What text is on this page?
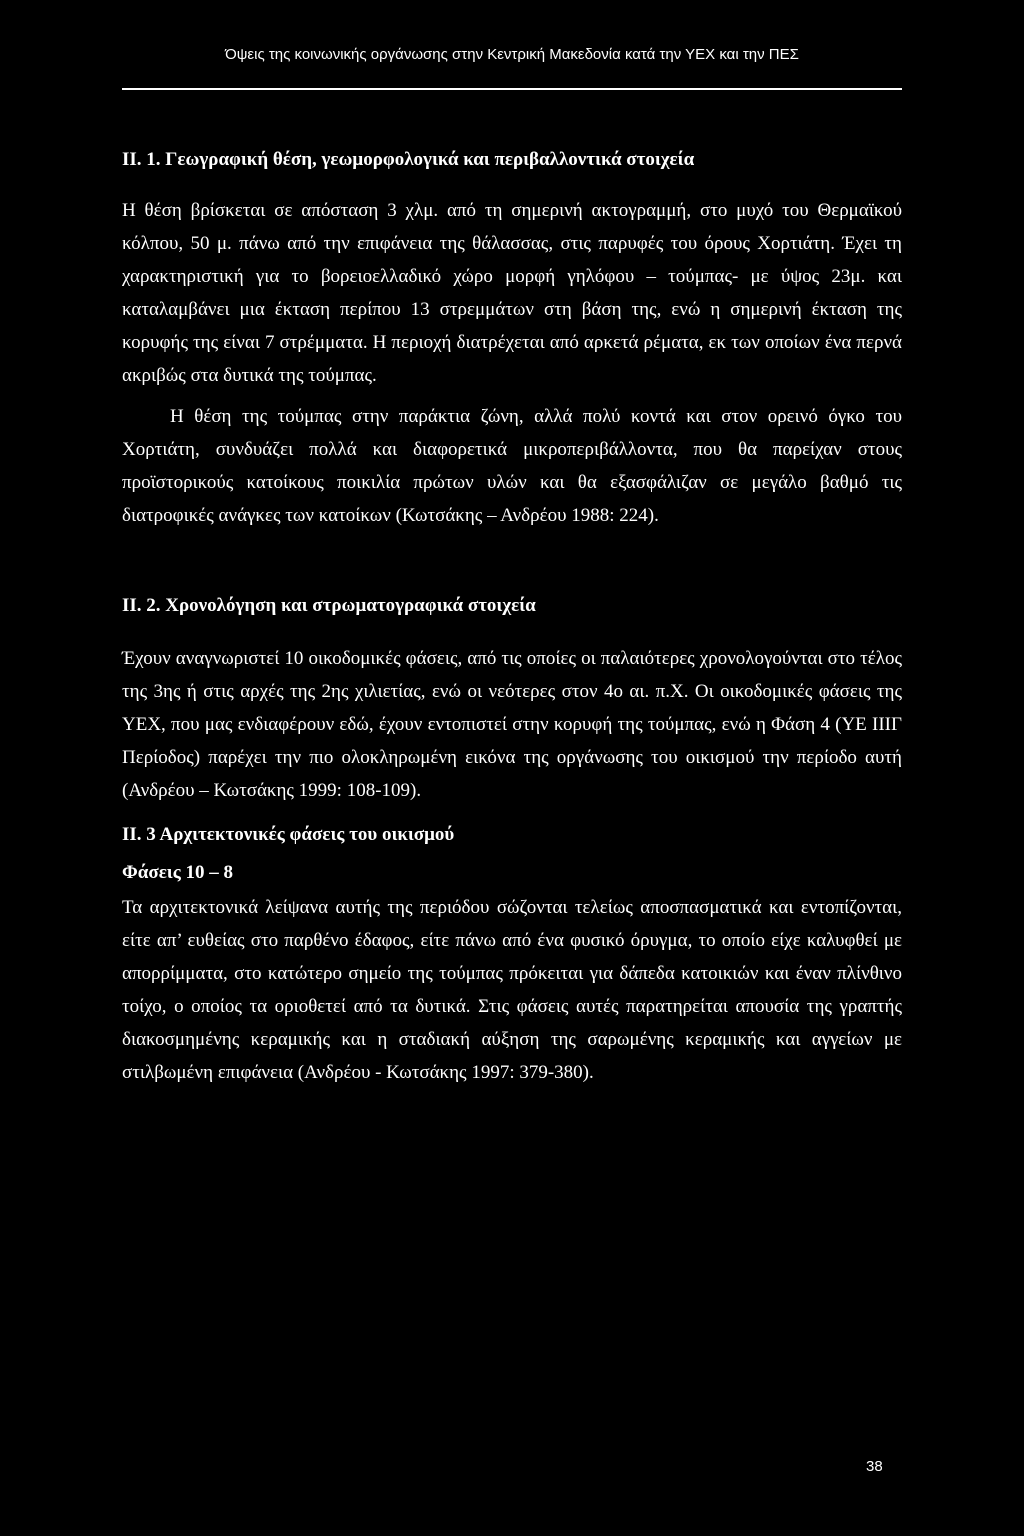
Όψεις της κοινωνικής οργάνωσης στην Κεντρική Μακεδονία κατά την ΥΕΧ και την ΠΕΣ

ΙΙ. 1. Γεωγραφική θέση, γεωμορφολογικά και περιβαλλοντικά στοιχεία

Η θέση βρίσκεται σε απόσταση 3 χλμ. από τη σημερινή ακτογραμμή, στο μυχό του Θερμαϊκού κόλπου, 50 μ. πάνω από την επιφάνεια της θάλασσας, στις παρυφές του όρους Χορτιάτη. Έχει τη χαρακτηριστική για το βορειοελλαδικό χώρο μορφή γηλόφου – τούμπας- με ύψος 23μ. και καταλαμβάνει μια έκταση περίπου 13 στρεμμάτων στη βάση της, ενώ η σημερινή έκταση της κορυφής της είναι 7 στρέμματα. Η περιοχή διατρέχεται από αρκετά ρέματα, εκ των οποίων ένα περνά ακριβώς στα δυτικά της τούμπας.

Η θέση της τούμπας στην παράκτια ζώνη, αλλά πολύ κοντά και στον ορεινό όγκο του Χορτιάτη, συνδυάζει πολλά και διαφορετικά μικροπεριβάλλοντα, που θα παρείχαν στους προϊστορικούς κατοίκους ποικιλία πρώτων υλών και θα εξασφάλιζαν σε μεγάλο βαθμό τις διατροφικές ανάγκες των κατοίκων (Κωτσάκης – Ανδρέου 1988: 224).

ΙΙ. 2. Χρονολόγηση και στρωματογραφικά στοιχεία

Έχουν αναγνωριστεί 10 οικοδομικές φάσεις, από τις οποίες οι παλαιότερες χρονολογούνται στο τέλος της 3ης ή στις αρχές της 2ης χιλιετίας, ενώ οι νεότερες στον 4ο αι. π.Χ. Οι οικοδομικές φάσεις της ΥΕΧ, που μας ενδιαφέρουν εδώ, έχουν εντοπιστεί στην κορυφή της τούμπας, ενώ η Φάση 4 (ΥΕ ΙΙΙΓ Περίοδος) παρέχει την πιο ολοκληρωμένη εικόνα της οργάνωσης του οικισμού την περίοδο αυτή (Ανδρέου – Κωτσάκης 1999: 108-109).

ΙΙ. 3 Αρχιτεκτονικές φάσεις του οικισμού

Φάσεις 10 – 8

Τα αρχιτεκτονικά λείψανα αυτής της περιόδου σώζονται τελείως αποσπασματικά και εντοπίζονται, είτε απ’ ευθείας στο παρθένο έδαφος, είτε πάνω από ένα φυσικό όρυγμα, το οποίο είχε καλυφθεί με απορρίμματα, στο κατώτερο σημείο της τούμπας πρόκειται για δάπεδα κατοικιών και έναν πλίνθινο τοίχο, ο οποίος τα οριοθετεί από τα δυτικά. Στις φάσεις αυτές παρατηρείται απουσία της γραπτής διακοσμημένης κεραμικής και η σταδιακή αύξηση της σαρωμένης κεραμικής και αγγείων με στιλβωμένη επιφάνεια (Ανδρέου - Κωτσάκης 1997: 379-380).

38
